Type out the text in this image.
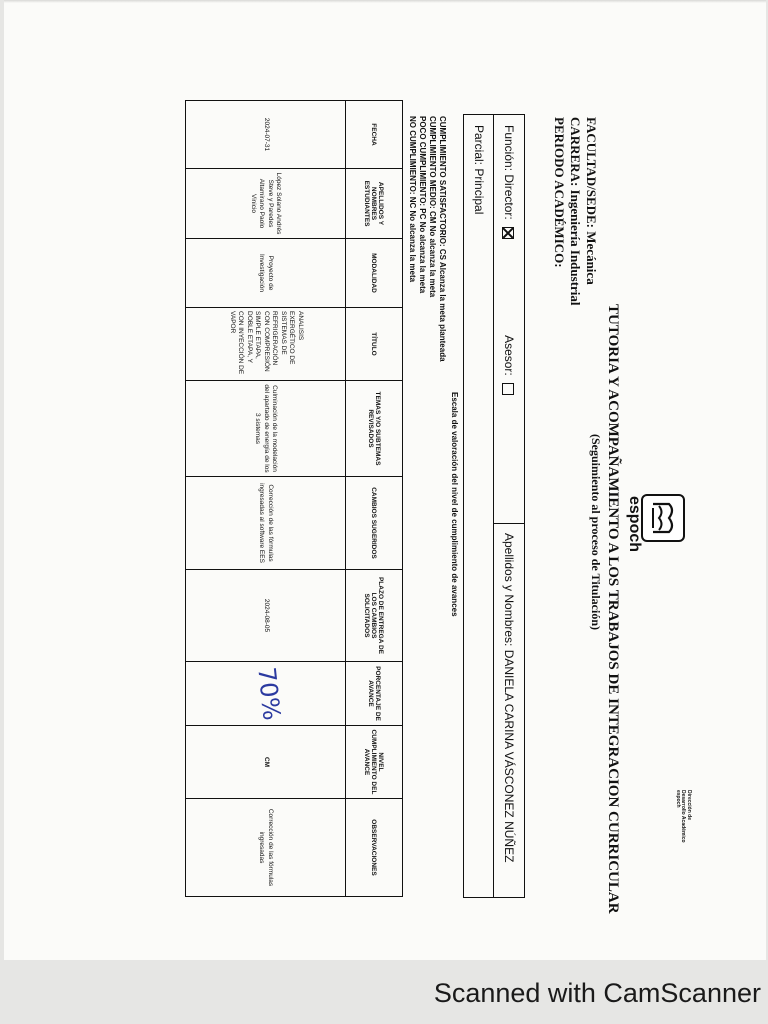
espoch
TUTORIA Y ACOMPAÑAMIENTO A LOS TRABAJOS DE INTEGRACION CURRICULAR
(Seguimiento al proceso de Titulación)
FACULTAD/SEDE: Mecánica
CARRERA: Ingeniería Industrial
PERIODO ACADÉMICO:
Dirección de
Desarrollo Académico
espoch
Función: Director:   Asesor:
Apellidos y Nombres: DANIELA CARINA VÁSCONEZ NÚÑEZ
Parcial: Principal
Escala de valoración del nivel de cumplimiento de avances
CUMPLIMIENTO SATISFACTORIO: CS Alcanza la meta planteada
CUMPLIMIENTO MEDIO: CM No alcanza la meta
POCO CUMPLIMIENTO: PC No alcanza la meta
NO CUMPLIMIENTO: NC No alcanza la meta
FECHA	APELLIDOS Y NOMBRES ESTUDIANTES	MODALIDAD	TÍTULO	TEMAS Y/O SUBTEMAS REVISADOS	CAMBIOS SUGERIDOS	PLAZO DE ENTREGA DE LOS CAMBIOS SOLICITADOS	PORCENTAJE DE AVANCE	NIVEL CUMPLIMIENTO DEL AVANCE	OBSERVACIONES
2024-07-31	López Solano Andrés Steve y Paredes Altamirano Paolo Vinicio	Proyecto de Investigación	ANALISIS EXERGÉTICO DE SISTEMAS DE REFRIGERACIÓN CON COMPRESIÓN SIMPLE ETAPA, DOBLE ETAPA, Y CON INYECCIÓN DE VAPOR	Culminación de la modelación del apartado de energía de los 3 sistemas	Corrección de las fórmulas ingresadas al software EES	2024-08-05	70%	CM	Corrección de las fórmulas ingresadas
Scanned with CamScanner
